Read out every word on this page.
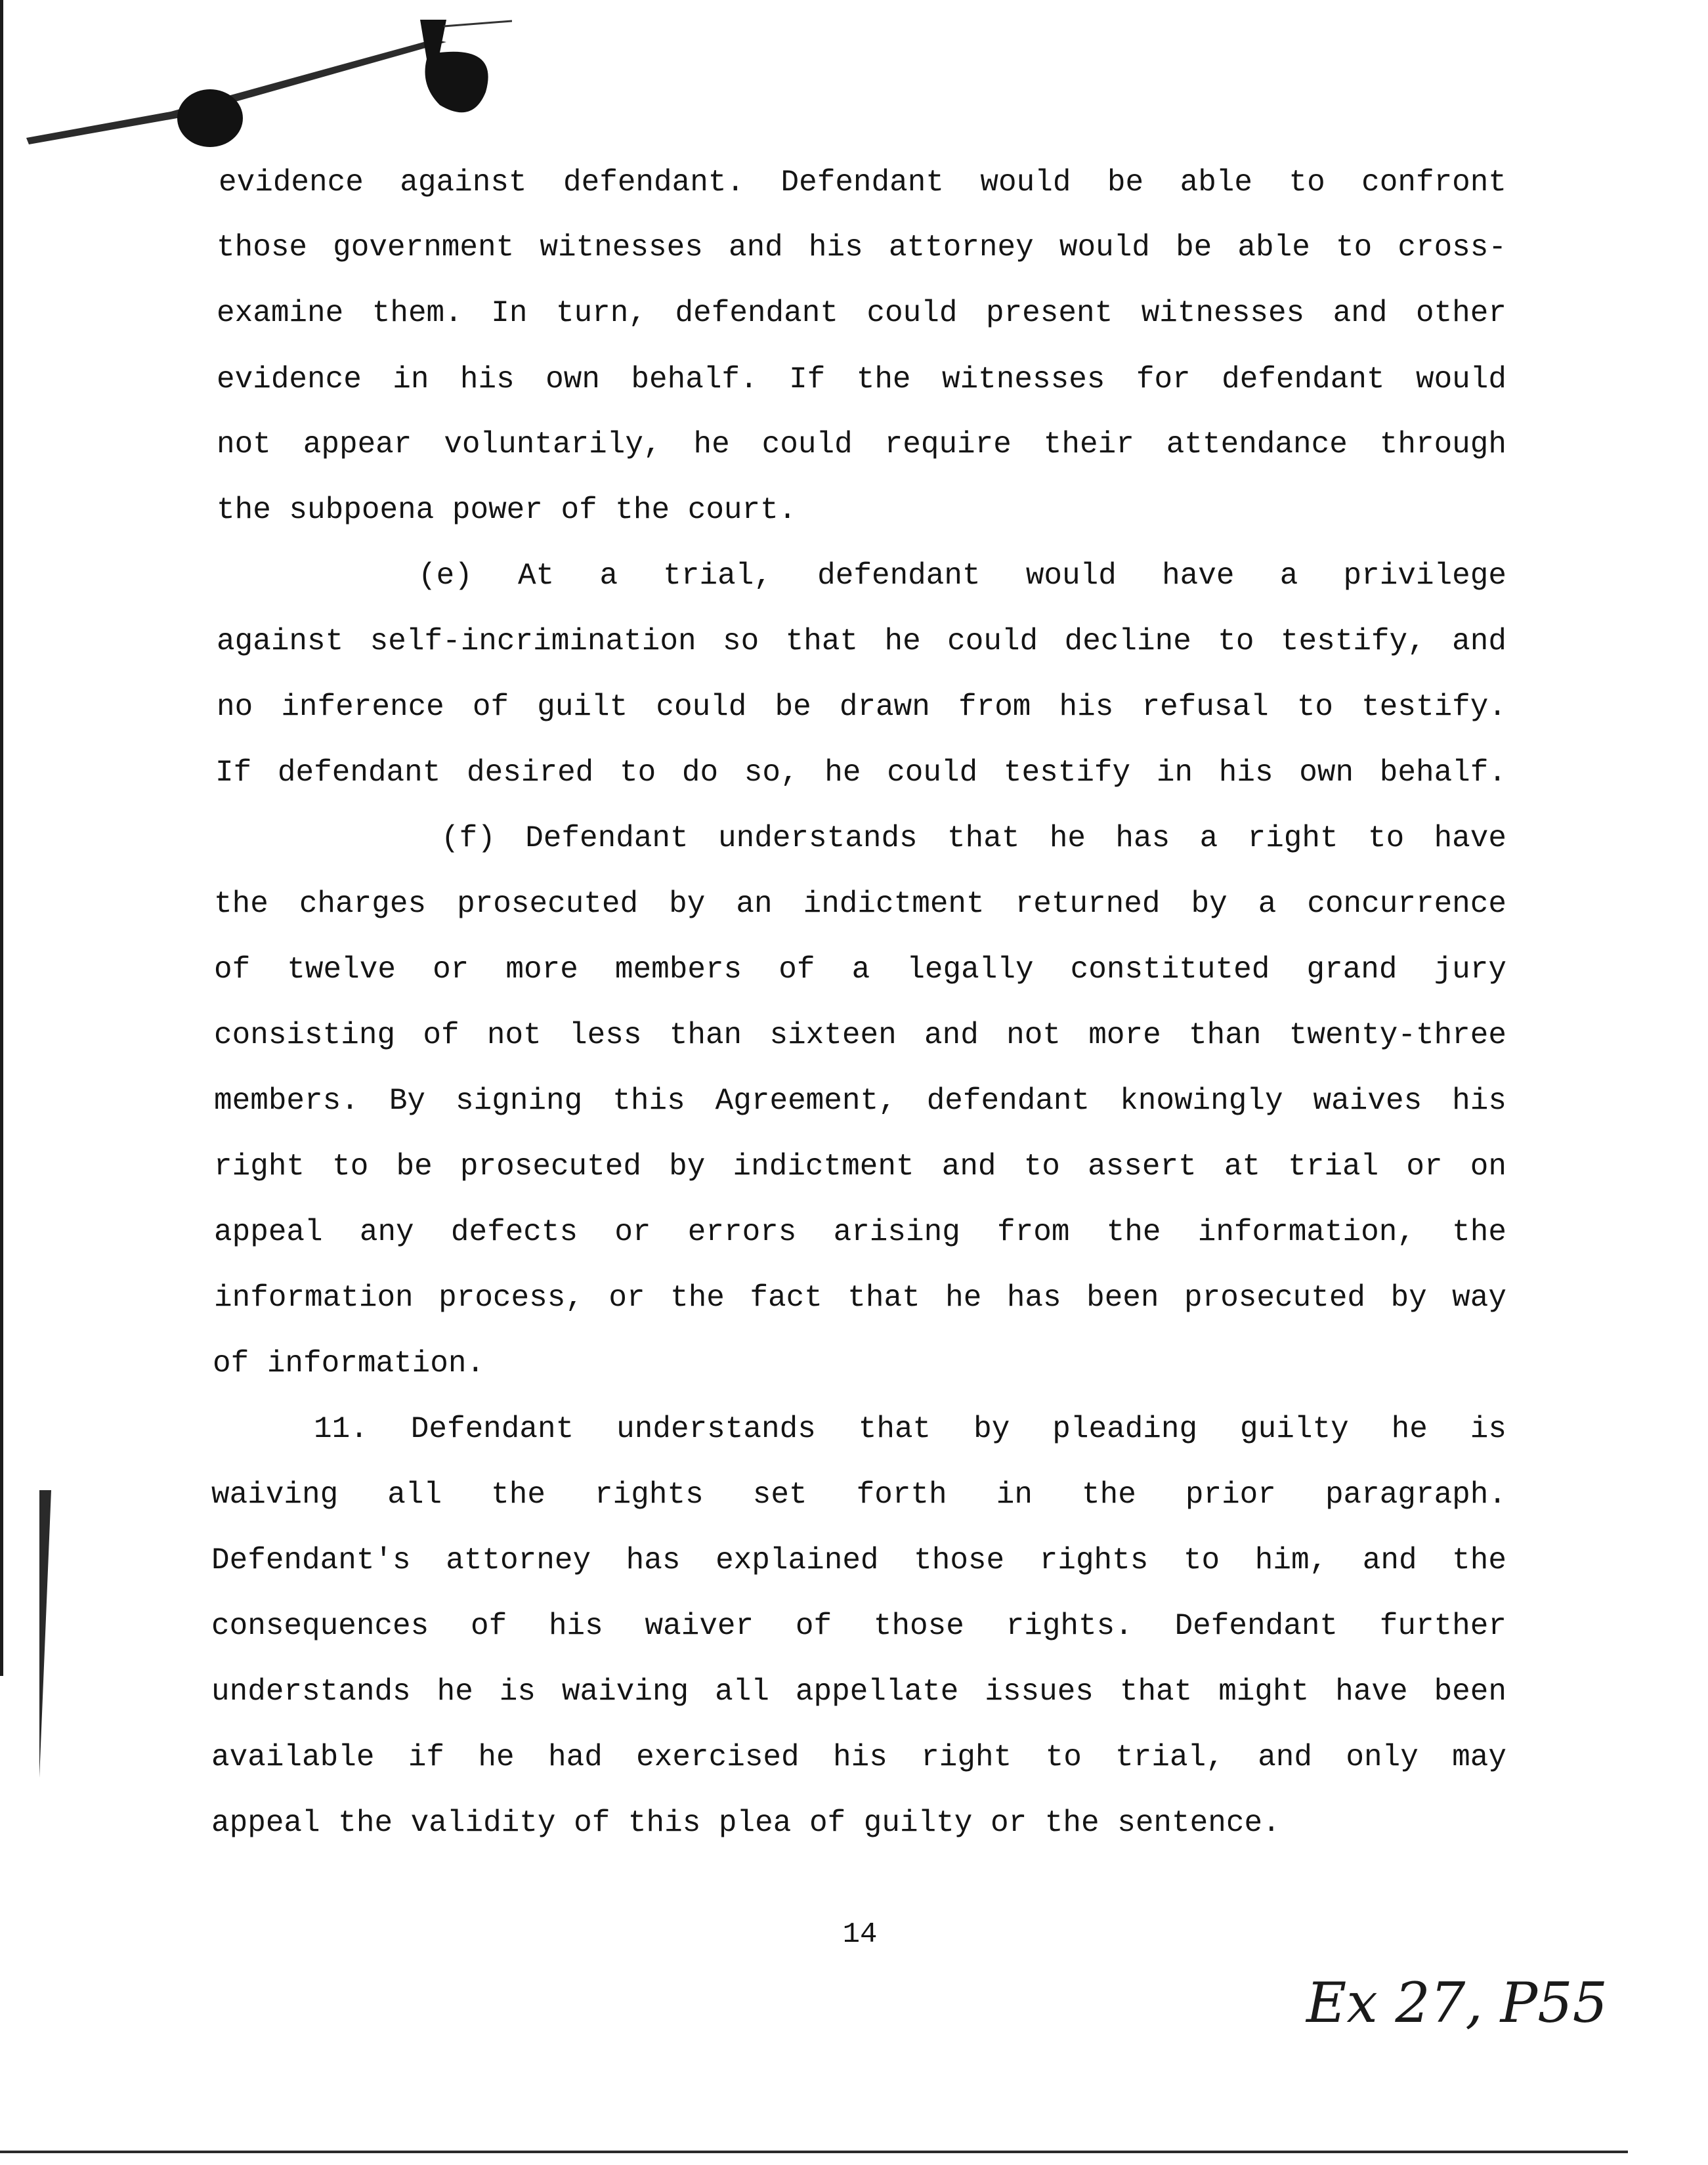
evidence against defendant. Defendant would be able to confront
those government witnesses and his attorney would be able to cross-
examine them. In turn, defendant could present witnesses and other
evidence in his own behalf. If the witnesses for defendant would
not appear voluntarily, he could require their attendance through
the subpoena power of the court.
(e) At a trial, defendant would have a privilege
against self-incrimination so that he could decline to testify, and
no inference of guilt could be drawn from his refusal to testify.
If defendant desired to do so, he could testify in his own behalf.
(f) Defendant understands that he has a right to have
the charges prosecuted by an indictment returned by a concurrence
of twelve or more members of a legally constituted grand jury
consisting of not less than sixteen and not more than twenty-three
members. By signing this Agreement, defendant knowingly waives his
right to be prosecuted by indictment and to assert at trial or on
appeal any defects or errors arising from the information, the
information process, or the fact that he has been prosecuted by way
of information.
11. Defendant understands that by pleading guilty he is
waiving all the rights set forth in the prior paragraph.
Defendant's attorney has explained those rights to him, and the
consequences of his waiver of those rights. Defendant further
understands he is waiving all appellate issues that might have been
available if he had exercised his right to trial, and only may
appeal the validity of this plea of guilty or the sentence.
14
Ex 27, P55
